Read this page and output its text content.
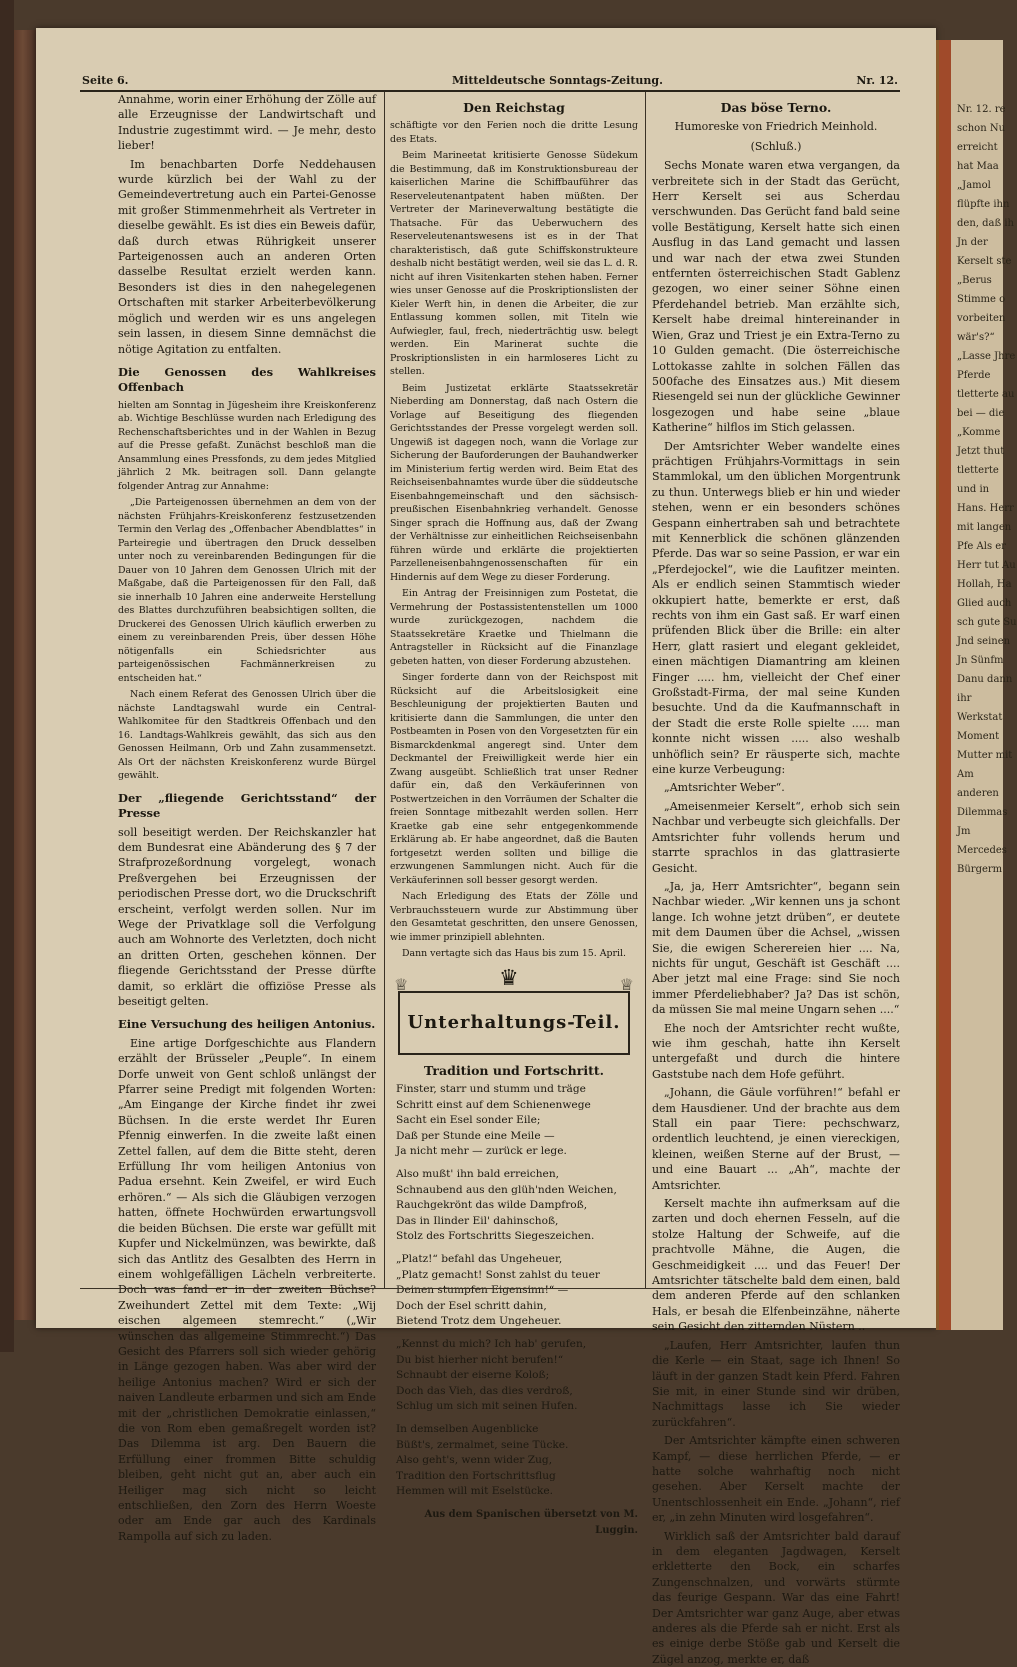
Nr. 12. re schon Nu erreicht hat Maa „Jamol flüpfte ihn den, daß ih Jn der Kerselt ste „Berus Stimme o vorbeiten wär's?“ „Lasse Jhre Pferde tletterte au bei — die „Komme Jetzt thut tletterte und in Hans. Herr mit langen Pfe Als er Herr tut Au Hollah, Ha Glied auch sch gute Su Jnd seinen Jn Sünfm Danu dann ihr Werkstat Moment Mutter mit Am anderen Dilemmas Jm Mercedes Bürgerm
Seite 6.	Mitteldeutsche Sonntags-Zeitung.	Nr. 12.

Annahme, worin einer Erhöhung der Zölle auf alle Erzeugnisse der Landwirtschaft und Industrie zugestimmt wird. — Je mehr, desto lieber!

Im benachbarten Dorfe Neddehausen wurde kürzlich bei der Wahl zu der Gemeindevertretung auch ein Partei-Genosse mit großer Stimmenmehrheit als Vertreter in dieselbe gewählt. Es ist dies ein Beweis dafür, daß durch etwas Rührigkeit unserer Parteigenossen auch an anderen Orten dasselbe Resultat erzielt werden kann. Besonders ist dies in den nahegelegenen Ortschaften mit starker Arbeiterbevölkerung möglich und werden wir es uns angelegen sein lassen, in diesem Sinne demnächst die nötige Agitation zu entfalten.

Die Genossen des Wahlkreises Offenbach

hielten am Sonntag in Jügesheim ihre Kreiskonferenz ab. Wichtige Beschlüsse wurden nach Erledigung des Rechenschaftsberichtes und in der Wahlen in Bezug auf die Presse gefaßt. Zunächst beschloß man die Ansammlung eines Pressfonds, zu dem jedes Mitglied jährlich 2 Mk. beitragen soll. Dann gelangte folgender Antrag zur Annahme:

„Die Parteigenossen übernehmen an dem von der nächsten Frühjahrs-Kreiskonferenz festzusetzenden Termin den Verlag des „Offenbacher Abendblattes“ in Parteiregie und übertragen den Druck desselben unter noch zu vereinbarenden Bedingungen für die Dauer von 10 Jahren dem Genossen Ulrich mit der Maßgabe, daß die Parteigenossen für den Fall, daß sie innerhalb 10 Jahren eine anderweite Herstellung des Blattes durchzuführen beabsichtigen sollten, die Druckerei des Genossen Ulrich käuflich erwerben zu einem zu vereinbarenden Preis, über dessen Höhe nötigenfalls ein Schiedsrichter aus parteigenössischen Fachmännerkreisen zu entscheiden hat.“

Nach einem Referat des Genossen Ulrich über die nächste Landtagswahl wurde ein Central-Wahlkomitee für den Stadtkreis Offenbach und den 16. Landtags-Wahlkreis gewählt, das sich aus den Genossen Heilmann, Orb und Zahn zusammensetzt. Als Ort der nächsten Kreiskonferenz wurde Bürgel gewählt.

Der „fliegende Gerichtsstand“ der Presse

soll beseitigt werden. Der Reichskanzler hat dem Bundesrat eine Abänderung des § 7 der Strafprozeßordnung vorgelegt, wonach Preßvergehen bei Erzeugnissen der periodischen Presse dort, wo die Druckschrift erscheint, verfolgt werden sollen. Nur im Wege der Privatklage soll die Verfolgung auch am Wohnorte des Verletzten, doch nicht an dritten Orten, geschehen können. Der fliegende Gerichtsstand der Presse dürfte damit, so erklärt die offiziöse Presse als beseitigt gelten.

Eine Versuchung des heiligen Antonius.

Eine artige Dorfgeschichte aus Flandern erzählt der Brüsseler „Peuple“. In einem Dorfe unweit von Gent schloß unlängst der Pfarrer seine Predigt mit folgenden Worten: „Am Eingange der Kirche findet ihr zwei Büchsen. In die erste werdet Ihr Euren Pfennig einwerfen. In die zweite laßt einen Zettel fallen, auf dem die Bitte steht, deren Erfüllung Ihr vom heiligen Antonius von Padua ersehnt. Kein Zweifel, er wird Euch erhören.“ — Als sich die Gläubigen verzogen hatten, öffnete Hochwürden erwartungsvoll die beiden Büchsen. Die erste war gefüllt mit Kupfer und Nickelmünzen, was bewirkte, daß sich das Antlitz des Gesalbten des Herrn in einem wohlgefälligen Lächeln verbreiterte. Doch was fand er in der zweiten Büchse? Zweihundert Zettel mit dem Texte: „Wij eischen algemeen stemrecht.“ („Wir wünschen das allgemeine Stimmrecht.“) Das Gesicht des Pfarrers soll sich wieder gehörig in Länge gezogen haben. Was aber wird der heilige Antonius machen? Wird er sich der naiven Landleute erbarmen und sich am Ende mit der „christlichen Demokratie einlassen,“ die von Rom eben gemaßregelt worden ist? Das Dilemma ist arg. Den Bauern die Erfüllung einer frommen Bitte schuldig bleiben, geht nicht gut an, aber auch ein Heiliger mag sich nicht so leicht entschließen, den Zorn des Herrn Woeste oder am Ende gar auch des Kardinals Rampolla auf sich zu laden.

Den Reichstag

schäftigte vor den Ferien noch die dritte Lesung des Etats.

Beim Marineetat kritisierte Genosse Südekum die Bestimmung, daß im Konstruktionsbureau der kaiserlichen Marine die Schiffbauführer das Reserveleutenantpatent haben müßten. Der Vertreter der Marineverwaltung bestätigte die Thatsache. Für das Ueberwuchern des Reserveleutenantswesens ist es in der That charakteristisch, daß gute Schiffskonstrukteure deshalb nicht bestätigt werden, weil sie das L. d. R. nicht auf ihren Visitenkarten stehen haben. Ferner wies unser Genosse auf die Proskriptionslisten der Kieler Werft hin, in denen die Arbeiter, die zur Entlassung kommen sollen, mit Titeln wie Aufwiegler, faul, frech, niederträchtig usw. belegt werden. Ein Marinerat suchte die Proskriptionslisten in ein harmloseres Licht zu stellen.

Beim Justizetat erklärte Staatssekretär Nieberding am Donnerstag, daß nach Ostern die Vorlage auf Beseitigung des fliegenden Gerichtsstandes der Presse vorgelegt werden soll. Ungewiß ist dagegen noch, wann die Vorlage zur Sicherung der Bauforderungen der Bauhandwerker im Ministerium fertig werden wird. Beim Etat des Reichseisenbahnamtes wurde über die süddeutsche Eisenbahngemeinschaft und den sächsisch-preußischen Eisenbahnkrieg verhandelt. Genosse Singer sprach die Hoffnung aus, daß der Zwang der Verhältnisse zur einheitlichen Reichseisenbahn führen würde und erklärte die projektierten Parzelleneisenbahngenossenschaften für ein Hindernis auf dem Wege zu dieser Forderung.

Ein Antrag der Freisinnigen zum Postetat, die Vermehrung der Postassistentenstellen um 1000 wurde zurückgezogen, nachdem die Staatssekretäre Kraetke und Thielmann die Antragsteller in Rücksicht auf die Finanzlage gebeten hatten, von dieser Forderung abzustehen.

Singer forderte dann von der Reichspost mit Rücksicht auf die Arbeitslosigkeit eine Beschleunigung der projektierten Bauten und kritisierte dann die Sammlungen, die unter den Postbeamten in Posen von den Vorgesetzten für ein Bismarckdenkmal angeregt sind. Unter dem Deckmantel der Freiwilligkeit werde hier ein Zwang ausgeübt. Schließlich trat unser Redner dafür ein, daß den Verkäuferinnen von Postwertzeichen in den Vorräumen der Schalter die freien Sonntage mitbezahlt werden sollen. Herr Kraetke gab eine sehr entgegenkommende Erklärung ab. Er habe angeordnet, daß die Bauten fortgesetzt werden sollten und billige die erzwungenen Sammlungen nicht. Auch für die Verkäuferinnen soll besser gesorgt werden.

Nach Erledigung des Etats der Zölle und Verbrauchssteuern wurde zur Abstimmung über den Gesamtetat geschritten, den unsere Genossen, wie immer prinzipiell ablehnten.

Dann vertagte sich das Haus bis zum 15. April.

♛
♕	♕
Unterhaltungs-Teil.
Tradition und Fortschritt.
Finster, starr und stumm und träge
Schritt einst auf dem Schienenwege
Sacht ein Esel sonder Eile;
Daß per Stunde eine Meile —
Ja nicht mehr — zurück er lege.
Also mußt' ihn bald erreichen,
Schnaubend aus den glüh'nden Weichen,
Rauchgekrönt das wilde Dampfroß,
Das in Ilinder Eil' dahinschoß,
Stolz des Fortschritts Siegeszeichen.
„Platz!“ befahl das Ungeheuer,
„Platz gemacht! Sonst zahlst du teuer
Deinen stumpfen Eigensinn!“ —
Doch der Esel schritt dahin,
Bietend Trotz dem Ungeheuer.
„Kennst du mich? Ich hab' gerufen,
Du bist hierher nicht berufen!“
Schnaubt der eiserne Koloß;
Doch das Vieh, das dies verdroß,
Schlug um sich mit seinen Hufen.
In demselben Augenblicke
Büßt's, zermalmet, seine Tücke.
Also geht's, wenn wider Zug,
Tradition den Fortschrittsflug
Hemmen will mit Eselstücke.
Aus dem Spanischen übersetzt von M. Luggin.
Das böse Terno.
Humoreske von Friedrich Meinhold.
(Schluß.)

Sechs Monate waren etwa vergangen, da verbreitete sich in der Stadt das Gerücht, Herr Kerselt sei aus Scherdau verschwunden. Das Gerücht fand bald seine volle Bestätigung, Kerselt hatte sich einen Ausflug in das Land gemacht und lassen und war nach der etwa zwei Stunden entfernten österreichischen Stadt Gablenz gezogen, wo einer seiner Söhne einen Pferdehandel betrieb. Man erzählte sich, Kerselt habe dreimal hintereinander in Wien, Graz und Triest je ein Extra-Terno zu 10 Gulden gemacht. (Die österreichische Lottokasse zahlte in solchen Fällen das 500fache des Einsatzes aus.) Mit diesem Riesengeld sei nun der glückliche Gewinner losgezogen und habe seine „blaue Katherine“ hilflos im Stich gelassen.

Der Amtsrichter Weber wandelte eines prächtigen Frühjahrs-Vormittags in sein Stammlokal, um den üblichen Morgentrunk zu thun. Unterwegs blieb er hin und wieder stehen, wenn er ein besonders schönes Gespann einhertraben sah und betrachtete mit Kennerblick die schönen glänzenden Pferde. Das war so seine Passion, er war ein „Pferdejockel“, wie die Laufitzer meinten. Als er endlich seinen Stammtisch wieder okkupiert hatte, bemerkte er erst, daß rechts von ihm ein Gast saß. Er warf einen prüfenden Blick über die Brille: ein alter Herr, glatt rasiert und elegant gekleidet, einen mächtigen Diamantring am kleinen Finger ..... hm, vielleicht der Chef einer Großstadt-Firma, der mal seine Kunden besuchte. Und da die Kaufmannschaft in der Stadt die erste Rolle spielte ..... man konnte nicht wissen ..... also weshalb unhöflich sein? Er räusperte sich, machte eine kurze Verbeugung:

„Amtsrichter Weber“.

„Ameisenmeier Kerselt“, erhob sich sein Nachbar und verbeugte sich gleichfalls. Der Amtsrichter fuhr vollends herum und starrte sprachlos in das glattrasierte Gesicht.

„Ja, ja, Herr Amtsrichter“, begann sein Nachbar wieder. „Wir kennen uns ja schont lange. Ich wohne jetzt drüben“, er deutete mit dem Daumen über die Achsel, „wissen Sie, die ewigen Scherereien hier .... Na, nichts für ungut, Geschäft ist Geschäft .... Aber jetzt mal eine Frage: sind Sie noch immer Pferdeliebhaber? Ja? Das ist schön, da müssen Sie mal meine Ungarn sehen ....“

Ehe noch der Amtsrichter recht wußte, wie ihm geschah, hatte ihn Kerselt untergefaßt und durch die hintere Gaststube nach dem Hofe geführt.

„Johann, die Gäule vorführen!“ befahl er dem Hausdiener. Und der brachte aus dem Stall ein paar Tiere: pechschwarz, ordentlich leuchtend, je einen viereckigen, kleinen, weißen Sterne auf der Brust, — und eine Bauart ... „Ah“, machte der Amtsrichter.

Kerselt machte ihn aufmerksam auf die zarten und doch ehernen Fesseln, auf die stolze Haltung der Schweife, auf die prachtvolle Mähne, die Augen, die Geschmeidigkeit .... und das Feuer! Der Amtsrichter tätschelte bald dem einen, bald dem anderen Pferde auf den schlanken Hals, er besah die Elfenbeinzähne, näherte sein Gesicht den zitternden Nüstern ..

„Laufen, Herr Amtsrichter, laufen thun die Kerle — ein Staat, sage ich Ihnen! So läuft in der ganzen Stadt kein Pferd. Fahren Sie mit, in einer Stunde sind wir drüben, Nachmittags lasse ich Sie wieder zurückfahren“.

Der Amtsrichter kämpfte einen schweren Kampf, — diese herrlichen Pferde, — er hatte solche wahrhaftig noch nicht gesehen. Aber Kerselt machte der Unentschlossenheit ein Ende. „Johann“, rief er, „in zehn Minuten wird losgefahren“.

Wirklich saß der Amtsrichter bald darauf in dem eleganten Jagdwagen, Kerselt erkletterte den Bock, ein scharfes Zungenschnalzen, und vorwärts stürmte das feurige Gespann. War das eine Fahrt! Der Amtsrichter war ganz Auge, aber etwas anderes als die Pferde sah er nicht. Erst als es einige derbe Stöße gab und Kerselt die Zügel anzog, merkte er, daß
